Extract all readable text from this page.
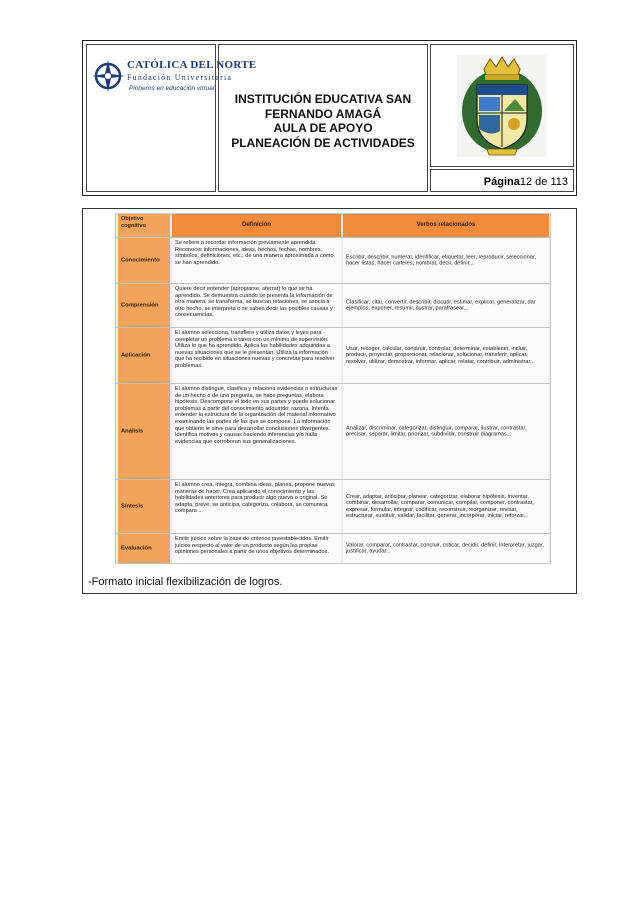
CATÓLICA DEL NORTE
Fundación Universitaria
Pioneros en educación virtual
INSTITUCIÓN EDUCATIVA SAN
FERNANDO AMAGÁ
AULA DE APOYO
PLANEACIÓN DE ACTIVIDADES
Página12 de 113
Objetivo cognitivo	Definición	Verbos relacionados
Conocimiento
Se refiere a recordar información previamente aprendida. Reconocer informaciones, ideas, hechos, fechas, nombres, símbolos, definiciones, etc., de una manera aproximada a como se han aprendido.
Escribir, describir, numerar, identificar, etiquetar, leer, reproducir, seleccionar, hacer listas, hacer carteles, nombrar, decir, definir...
Comprensión
Quiere decir entender (apropiarse, aferrar) lo que se ha aprendido. Se demuestra cuando se presenta la información de otra manera, se transforma, se buscan relaciones, se asocia a otro hecho, se interpreta o se saben decir las posibles causas y consecuencias.
Clasificar, citar, convertir, describir, discutir, estimar, explicar, generalizar, dar ejemplos, exponer, resumir, ilustrar, parafrasear...
Aplicación
El alumno selecciona, transfiere y utiliza datos y leyes para completar un problema o tarea con un mínimo de supervisión. Utiliza lo que ha aprendido. Aplica las habilidades adquiridas a nuevas situaciones que se le presentan. Utiliza la información que ha recibido en situaciones nuevas y concretas para resolver problemas.
Usar, recoger, calcular, construir, controlar, determinar, establecer, incluir, producir, proyectar, proporcionar, relacionar, solucionar, transferir, aplicar, resolver, utilizar, demostrar, informar, aplicar, relatar, contribuir, administrar...
Análisis
El alumno distingue, clasifica y relaciona evidencias o estructuras de un hecho o de una pregunta, se hace preguntas, elabora hipótesis. Descompone el todo en sus partes y puede solucionar problemas a partir del conocimiento adquirido: razona. Intenta entender la estructura de la organización del material informativo examinando las partes de las que se compone. La información que obtiene le sirve para desarrollar conclusiones divergentes. Identifica motivos y causas haciendo inferencias y/o halla evidencias que corroboran sus generalizaciones.
Analizar, discriminar, categorizar, distinguir, comparar, ilustrar, contrastar, precisar, separar, limitar, priorizar, subdividir, construir diagramas...
Síntesis
El alumno crea, integra, combina ideas, planea, propone nuevas maneras de hacer. Crea aplicando el conocimiento y las habilidades anteriores para producir algo nuevo o original. Se adapta, prevé, se anticipa, categoriza, colabora, se comunica, compara ...
Crear, adaptar, anticipar, planear, categorizar, elaborar hipótesis, inventar, combinar, desarrollar, comparar, comunicar, compilar, componer, contrastar, expresar, formular, integrar, codificar, reconstruir, reorganizar, revisar, estructurar, sustituir, validar, facilitar, generar, incorporar, iniciar, reforzar...
Evaluación
Emitir juicios sobre la base de criterios preestablecidos. Emitir juicios respecto al valor de un producto según las propias opiniones personales a partir de unos objetivos determinados.
Valorar, comparar, contrastar, concluir, criticar, decidir, definir, interpretar, juzgar, justificar, ayudar...
-Formato inicial flexibilización de logros.
